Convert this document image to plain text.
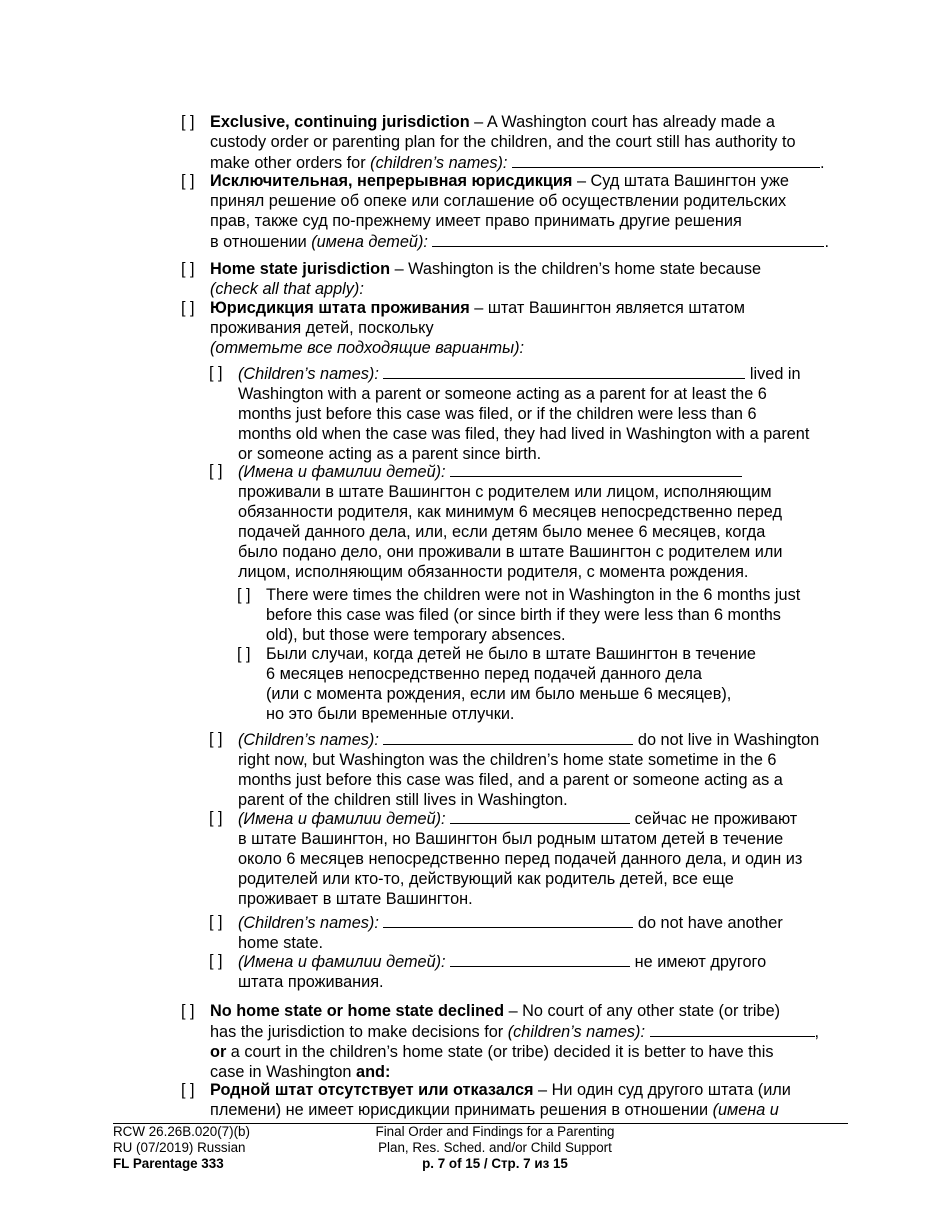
[ ] Exclusive, continuing jurisdiction – A Washington court has already made a
custody order or parenting plan for the children, and the court still has authority to
make other orders for (children’s names):	.
[ ] Исключительная, непрерывная юрисдикция – Суд штата Вашингтон уже
принял решение об опеке или соглашение об осуществлении родительских
прав, также суд по-прежнему имеет право принимать другие решения
в отношении (имена детей):	.
[ ] Home state jurisdiction – Washington is the children’s home state because
(check all that apply):
[ ] Юрисдикция штата проживания – штат Вашингтон является штатом
проживания детей, поскольку
(отметьте все подходящие варианты):
[ ] (Children’s names):	lived in
Washington with a parent or someone acting as a parent for at least the 6
months just before this case was filed, or if the children were less than 6
months old when the case was filed, they had lived in Washington with a parent
or someone acting as a parent since birth.
[ ] (Имена и фамилии детей):
проживали в штате Вашингтон с родителем или лицом, исполняющим
обязанности родителя, как минимум 6 месяцев непосредственно перед
подачей данного дела, или, если детям было менее 6 месяцев, когда
было подано дело, они проживали в штате Вашингтон с родителем или
лицом, исполняющим обязанности родителя, с момента рождения.
[ ] There were times the children were not in Washington in the 6 months just
before this case was filed (or since birth if they were less than 6 months
old), but those were temporary absences.
[ ] Были случаи, когда детей не было в штате Вашингтон в течение
6 месяцев непосредственно перед подачей данного дела
(или с момента рождения, если им было меньше 6 месяцев),
но это были временные отлучки.
[ ] (Children’s names):	do not live in Washington
right now, but Washington was the children’s home state sometime in the 6
months just before this case was filed, and a parent or someone acting as a
parent of the children still lives in Washington.
[ ] (Имена и фамилии детей):	сейчас не проживают
в штате Вашингтон, но Вашингтон был родным штатом детей в течение
около 6 месяцев непосредственно перед подачей данного дела, и один из
родителей или кто-то, действующий как родитель детей, все еще
проживает в штате Вашингтон.
[ ] (Children’s names):	do not have another
home state.
[ ] (Имена и фамилии детей):	не имеют другого
штата проживания.
[ ] No home state or home state declined – No court of any other state (or tribe)
has the jurisdiction to make decisions for (children’s names):	,
or a court in the children’s home state (or tribe) decided it is better to have this
case in Washington and:
[ ] Родной штат отсутствует или отказался – Ни один суд другого штата (или
племени) не имеет юрисдикции принимать решения в отношении (имена и
RCW 26.26B.020(7)(b)
RU (07/2019) Russian
FL Parentage 333
Final Order and Findings for a Parenting
Plan, Res. Sched. and/or Child Support
p. 7 of 15 / Стр. 7 из 15
